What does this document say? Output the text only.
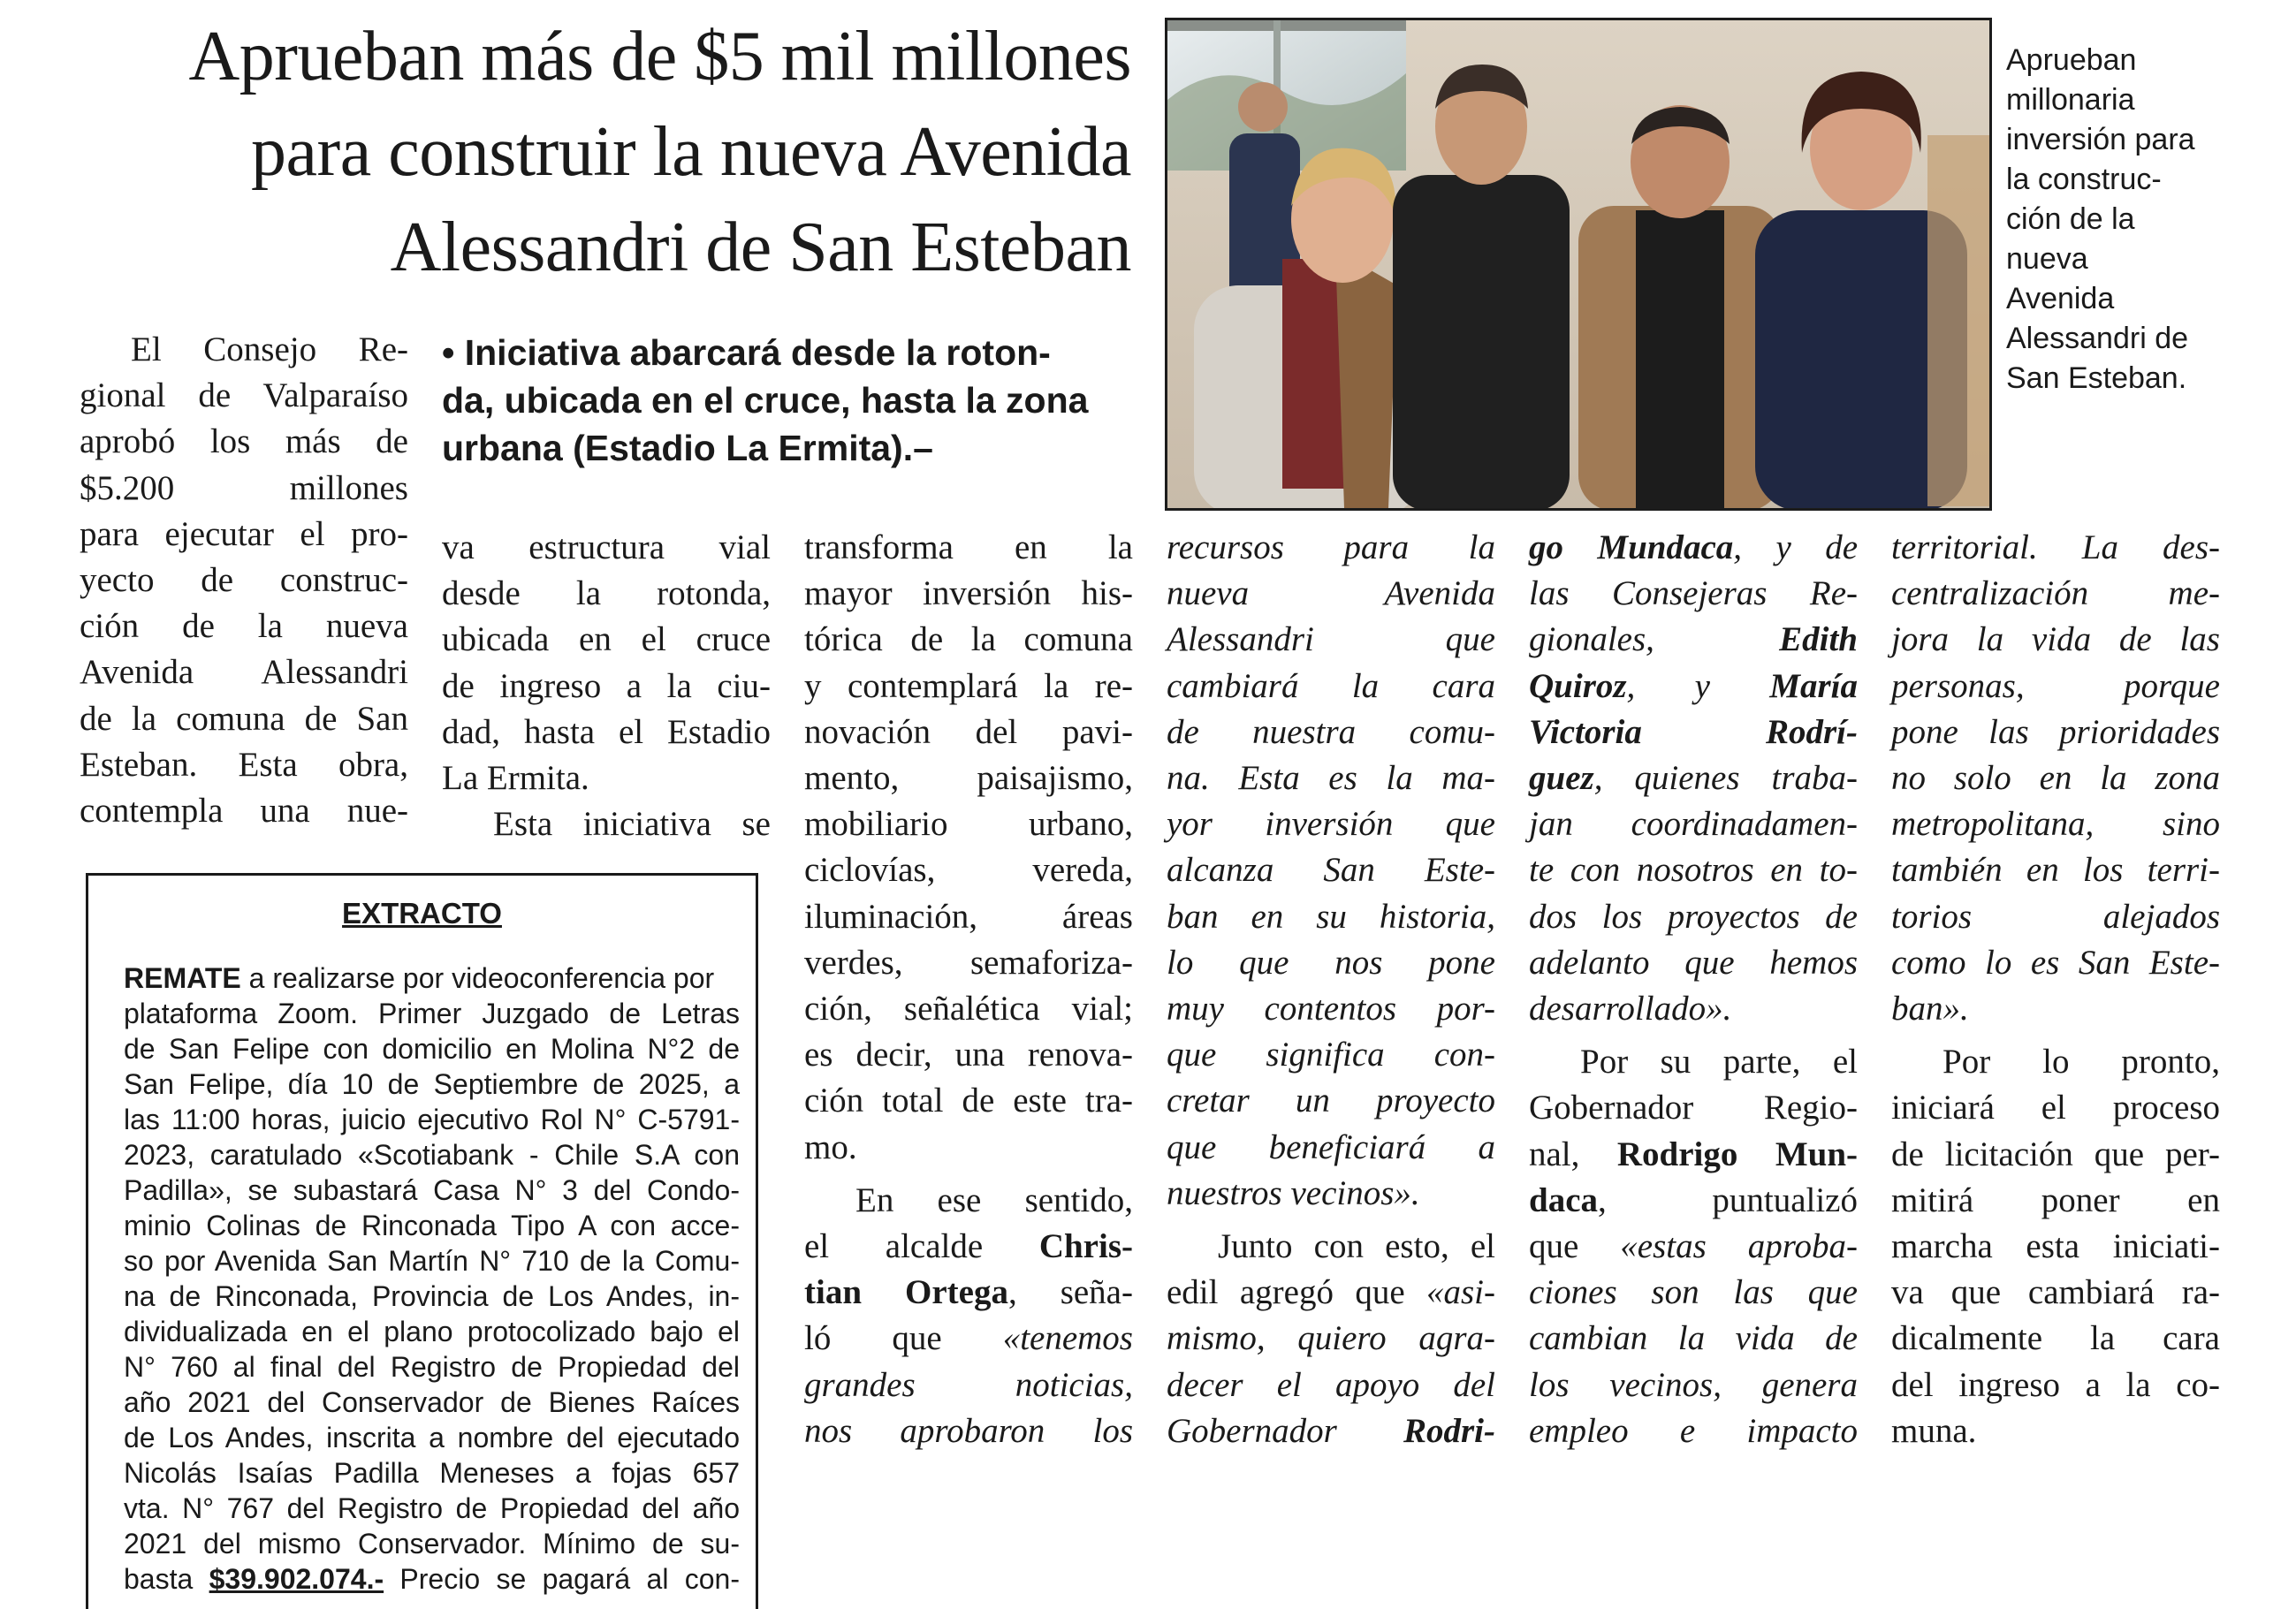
Aprueban más de $5 mil millones
para construir la nueva Avenida
Alessandri de San Esteban
Aprueban
millonaria
inversión para
la construc-
ción de la
nueva
Avenida
Alessandri de
San Esteban.
El Consejo Re-
gional de Valparaíso
aprobó los más de
$5.200 millones
para ejecutar el pro-
yecto de construc-
ción de la nueva
Avenida Alessandri
de la comuna de San
Esteban. Esta obra,
contempla una nue-
• Iniciativa abarcará desde la roton-
da, ubicada en el cruce, hasta la zona
urbana (Estadio La Ermita).–
va estructura vial
desde la rotonda,
ubicada en el cruce
de ingreso a la ciu-
dad, hasta el Estadio
La Ermita.
Esta iniciativa se
transforma en la
mayor inversión his-
tórica de la comuna
y contemplará la re-
novación del pavi-
mento, paisajismo,
mobiliario urbano,
ciclovías, vereda,
iluminación, áreas
verdes, semaforiza-
ción, señalética vial;
es decir, una renova-
ción total de este tra-
mo.
En ese sentido,
el alcalde Chris-
tian Ortega, seña-
ló que «tenemos
grandes noticias,
nos aprobaron los
recursos para la
nueva Avenida
Alessandri que
cambiará la cara
de nuestra comu-
na. Esta es la ma-
yor inversión que
alcanza San Este-
ban en su historia,
lo que nos pone
muy contentos por-
que significa con-
cretar un proyecto
que beneficiará a
nuestros vecinos».
Junto con esto, el
edil agregó que «asi-
mismo, quiero agra-
decer el apoyo del
Gobernador Rodri-
go Mundaca, y de
las Consejeras Re-
gionales, Edith
Quiroz, y María
Victoria Rodrí-
guez, quienes traba-
jan coordinadamen-
te con nosotros en to-
dos los proyectos de
adelanto que hemos
desarrollado».
Por su parte, el
Gobernador Regio-
nal, Rodrigo Mun-
daca, puntualizó
que «estas aproba-
ciones son las que
cambian la vida de
los vecinos, genera
empleo e impacto
territorial. La des-
centralización me-
jora la vida de las
personas, porque
pone las prioridades
no solo en la zona
metropolitana, sino
también en los terri-
torios alejados
como lo es San Este-
ban».
Por lo pronto,
iniciará el proceso
de licitación que per-
mitirá poner en
marcha esta iniciati-
va que cambiará ra-
dicalmente la cara
del ingreso a la co-
muna.
EXTRACTO
REMATE a realizarse por videoconferencia por
plataforma Zoom. Primer Juzgado de Letras
de San Felipe con domicilio en Molina N°2 de
San Felipe, día 10 de Septiembre de 2025, a
las 11:00 horas, juicio ejecutivo Rol N° C-5791-
2023, caratulado «Scotiabank - Chile S.A con
Padilla», se subastará Casa N° 3 del Condo-
minio Colinas de Rinconada Tipo A con acce-
so por Avenida San Martín N° 710 de la Comu-
na de Rinconada, Provincia de Los Andes, in-
dividualizada en el plano protocolizado bajo el
N° 760 al final del Registro de Propiedad del
año 2021 del Conservador de Bienes Raíces
de Los Andes, inscrita a nombre del ejecutado
Nicolás Isaías Padilla Meneses a fojas 657
vta. N° 767 del Registro de Propiedad del año
2021 del mismo Conservador. Mínimo de su-
basta $39.902.074.- Precio se pagará al con-
